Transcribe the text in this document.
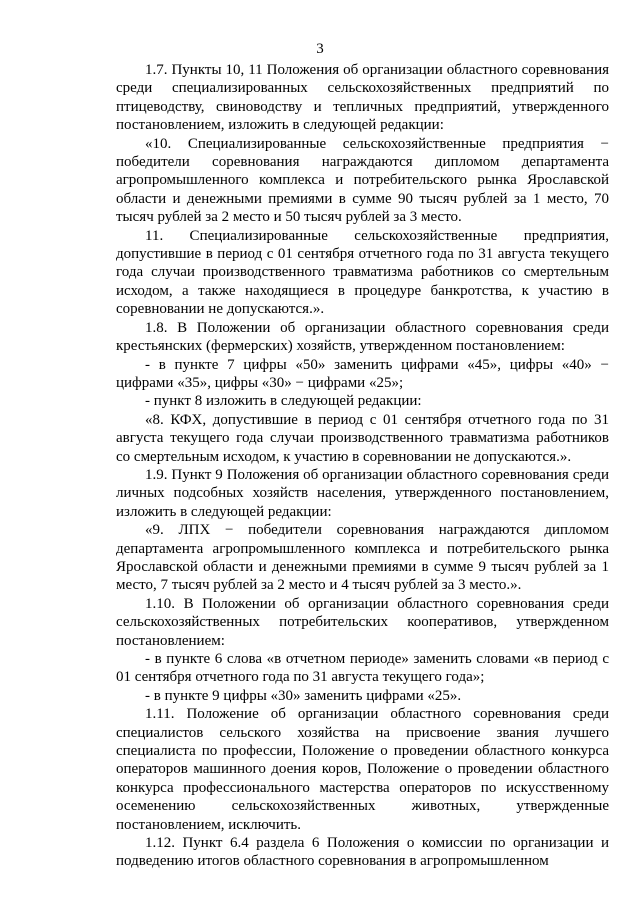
3

1.7. Пункты 10, 11 Положения об организации областного соревнования среди специализированных сельскохозяйственных предприятий по птицеводству, свиноводству и тепличных предприятий, утвержденного постановлением, изложить в следующей редакции:

«10. Специализированные сельскохозяйственные предприятия − победители соревнования награждаются дипломом департамента агропромышленного комплекса и потребительского рынка Ярославской области и денежными премиями в сумме 90 тысяч рублей за 1 место, 70 тысяч рублей за 2 место и 50 тысяч рублей за 3 место.

11. Специализированные сельскохозяйственные предприятия, допустившие в период с 01 сентября отчетного года по 31 августа текущего года случаи производственного травматизма работников со смертельным исходом, а также находящиеся в процедуре банкротства, к участию в соревновании не допускаются.».

1.8. В Положении об организации областного соревнования среди крестьянских (фермерских) хозяйств, утвержденном постановлением:

- в пункте 7 цифры «50» заменить цифрами «45», цифры «40» − цифрами «35», цифры «30» − цифрами «25»;

- пункт 8 изложить в следующей редакции:

«8. КФХ, допустившие в период с 01 сентября отчетного года по 31 августа текущего года случаи производственного травматизма работников со смертельным исходом, к участию в соревновании не допускаются.».

1.9. Пункт 9 Положения об организации областного соревнования среди личных подсобных хозяйств населения, утвержденного постановлением, изложить в следующей редакции:

«9. ЛПХ − победители соревнования награждаются дипломом департамента агропромышленного комплекса и потребительского рынка Ярославской области и денежными премиями в сумме 9 тысяч рублей за 1 место, 7 тысяч рублей за 2 место и 4 тысяч рублей за 3 место.».

1.10. В Положении об организации областного соревнования среди сельскохозяйственных потребительских кооперативов, утвержденном постановлением:

- в пункте 6 слова «в отчетном периоде» заменить словами «в период с 01 сентября отчетного года по 31 августа текущего года»;

- в пункте 9 цифры «30» заменить цифрами «25».

1.11. Положение об организации областного соревнования среди специалистов сельского хозяйства на присвоение звания лучшего специалиста по профессии, Положение о проведении областного конкурса операторов машинного доения коров, Положение о проведении областного конкурса профессионального мастерства операторов по искусственному осеменению сельскохозяйственных животных, утвержденные постановлением, исключить.

1.12. Пункт 6.4 раздела 6 Положения о комиссии по организации и подведению итогов областного соревнования в агропромышленном
